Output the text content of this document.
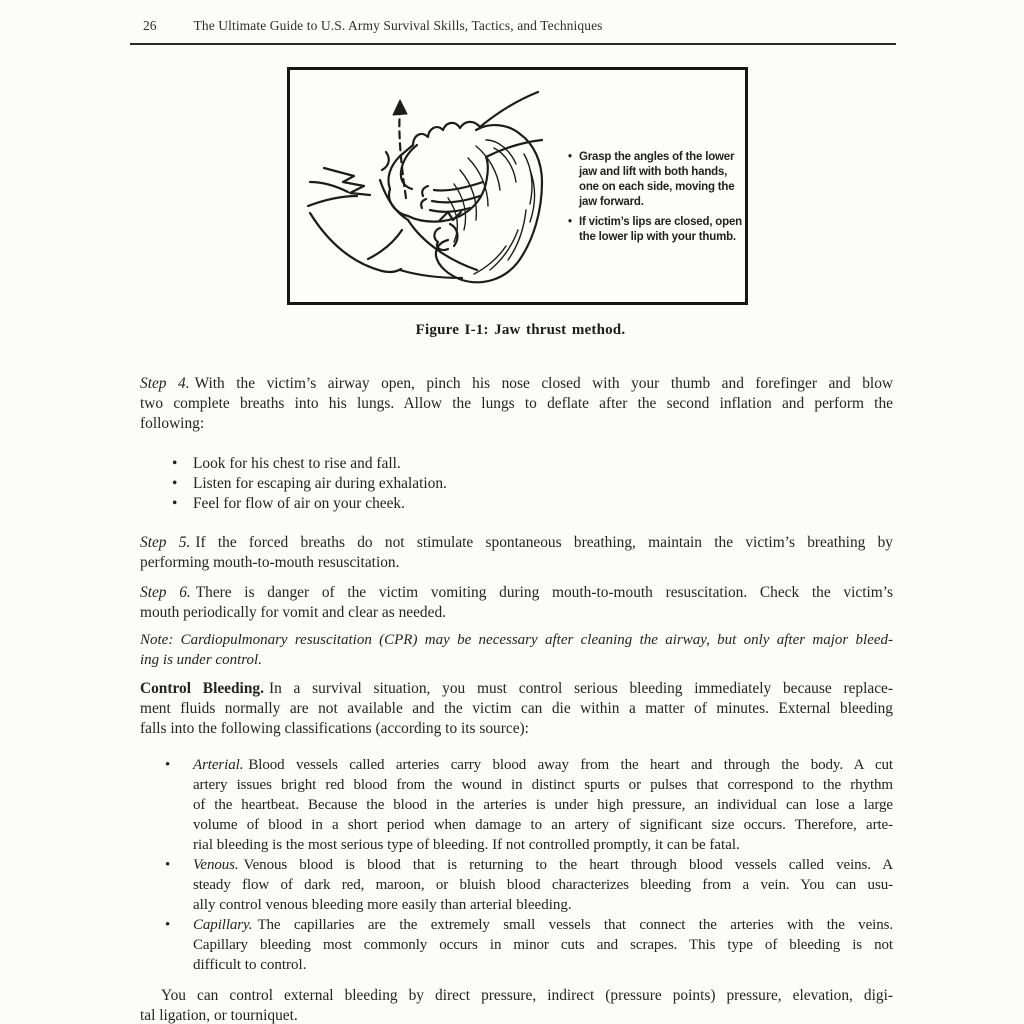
26	The Ultimate Guide to U.S. Army Survival Skills, Tactics, and Techniques
• Grasp the angles of the lower
jaw and lift with both hands,
one on each side, moving the
jaw forward.
• If victim’s lips are closed, open
the lower lip with your thumb.
Figure I-1: Jaw thrust method.
Step 4. With the victim’s airway open, pinch his nose closed with your thumb and forefinger and blow
two complete breaths into his lungs. Allow the lungs to deflate after the second inflation and perform the
following:
• Look for his chest to rise and fall.
• Listen for escaping air during exhalation.
• Feel for flow of air on your cheek.
Step 5. If the forced breaths do not stimulate spontaneous breathing, maintain the victim’s breathing by
performing mouth-to-mouth resuscitation.
Step 6. There is danger of the victim vomiting during mouth-to-mouth resuscitation. Check the victim’s
mouth periodically for vomit and clear as needed.
Note: Cardiopulmonary resuscitation (CPR) may be necessary after cleaning the airway, but only after major bleed-
ing is under control.
Control Bleeding. In a survival situation, you must control serious bleeding immediately because replace-
ment fluids normally are not available and the victim can die within a matter of minutes. External bleeding
falls into the following classifications (according to its source):
• Arterial. Blood vessels called arteries carry blood away from the heart and through the body. A cut
artery issues bright red blood from the wound in distinct spurts or pulses that correspond to the rhythm
of the heartbeat. Because the blood in the arteries is under high pressure, an individual can lose a large
volume of blood in a short period when damage to an artery of significant size occurs. Therefore, arte-
rial bleeding is the most serious type of bleeding. If not controlled promptly, it can be fatal.
• Venous. Venous blood is blood that is returning to the heart through blood vessels called veins. A
steady flow of dark red, maroon, or bluish blood characterizes bleeding from a vein. You can usu-
ally control venous bleeding more easily than arterial bleeding.
• Capillary. The capillaries are the extremely small vessels that connect the arteries with the veins.
Capillary bleeding most commonly occurs in minor cuts and scrapes. This type of bleeding is not
difficult to control.
You can control external bleeding by direct pressure, indirect (pressure points) pressure, elevation, digi-
tal ligation, or tourniquet.
